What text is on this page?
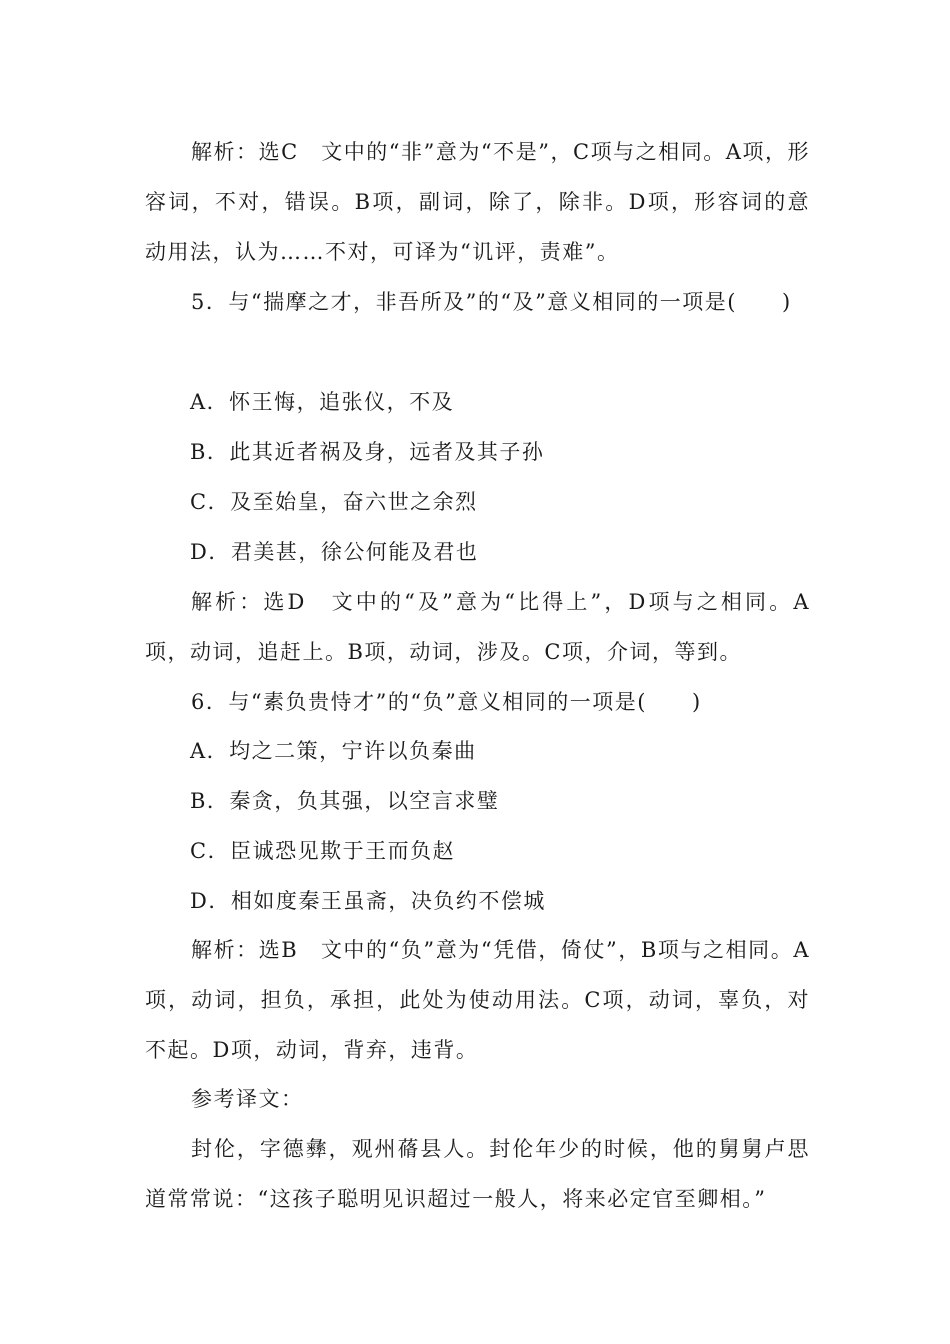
解析：选C　文中的“非”意为“不是”，C项与之相同。A项，形容词，不对，错误。B项，副词，除了，除非。D项，形容词的意动用法，认为……不对，可译为“讥评，责难”。

5．与“揣摩之才，非吾所及”的“及”意义相同的一项是(　　)

A．怀王悔，追张仪，不及

B．此其近者祸及身，远者及其子孙

C．及至始皇，奋六世之余烈

D．君美甚，徐公何能及君也

解析：选D　文中的“及”意为“比得上”，D项与之相同。A项，动词，追赶上。B项，动词，涉及。C项，介词，等到。

6．与“素负贵恃才”的“负”意义相同的一项是(　　)

A．均之二策，宁许以负秦曲

B．秦贪，负其强，以空言求璧

C．臣诚恐见欺于王而负赵

D．相如度秦王虽斋，决负约不偿城

解析：选B　文中的“负”意为“凭借，倚仗”，B项与之相同。A项，动词，担负，承担，此处为使动用法。C项，动词，辜负，对不起。D项，动词，背弃，违背。

参考译文：

封伦，字德彝，观州蓨县人。封伦年少的时候，他的舅舅卢思道常常说：“这孩子聪明见识超过一般人，将来必定官至卿相。”
